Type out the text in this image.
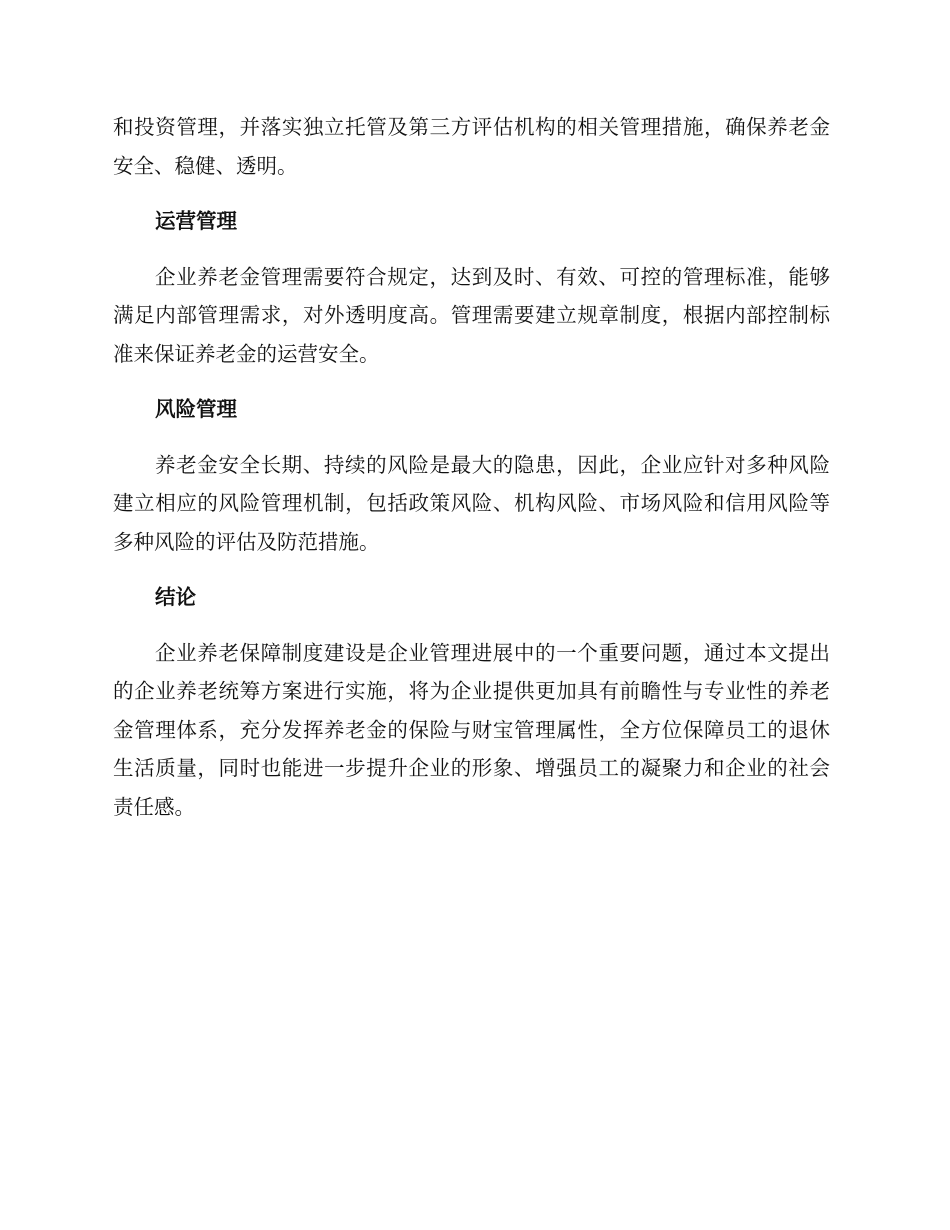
和投资管理，并落实独立托管及第三方评估机构的相关管理措施，确保养老金安全、稳健、透明。

运营管理

企业养老金管理需要符合规定，达到及时、有效、可控的管理标准，能够满足内部管理需求，对外透明度高。管理需要建立规章制度，根据内部控制标准来保证养老金的运营安全。

风险管理

养老金安全长期、持续的风险是最大的隐患，因此，企业应针对多种风险建立相应的风险管理机制，包括政策风险、机构风险、市场风险和信用风险等多种风险的评估及防范措施。

结论

企业养老保障制度建设是企业管理进展中的一个重要问题，通过本文提出的企业养老统筹方案进行实施，将为企业提供更加具有前瞻性与专业性的养老金管理体系，充分发挥养老金的保险与财宝管理属性，全方位保障员工的退休生活质量，同时也能进一步提升企业的形象、增强员工的凝聚力和企业的社会责任感。
